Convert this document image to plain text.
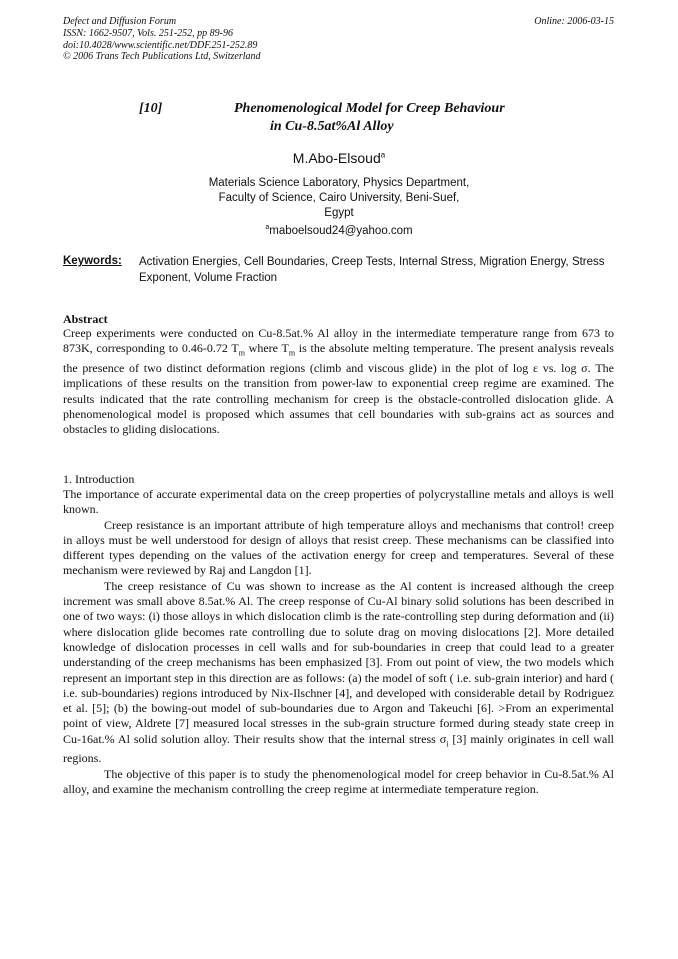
Defect and Diffusion Forum
ISSN: 1662-9507, Vols. 251-252, pp 89-96
doi:10.4028/www.scientific.net/DDF.251-252.89
© 2006 Trans Tech Publications Ltd, Switzerland
Online: 2006-03-15
[10]	Phenomenological Model for Creep Behaviour
in Cu-8.5at%Al Alloy
M.Abo-Elsoud$^a$
Materials Science Laboratory, Physics Department,
Faculty of Science, Cairo University, Beni-Suef,
Egypt
$^a$maboelsoud24@yahoo.com
Keywords: Activation Energies, Cell Boundaries, Creep Tests, Internal Stress, Migration Energy, Stress Exponent, Volume Fraction
Abstract
Creep experiments were conducted on Cu-8.5at.% Al alloy in the intermediate temperature range from 673 to 873K, corresponding to 0.46-0.72 $T_m$ where $T_m$ is the absolute melting temperature. The present analysis reveals the presence of two distinct deformation regions (climb and viscous glide) in the plot of log ε vs. log σ. The implications of these results on the transition from power-law to exponential creep regime are examined. The results indicated that the rate controlling mechanism for creep is the obstacle-controlled dislocation glide. A phenomenological model is proposed which assumes that cell boundaries with sub-grains act as sources and obstacles to gliding dislocations.
1. Introduction

The importance of accurate experimental data on the creep properties of polycrystalline metals and alloys is well known.

Creep resistance is an important attribute of high temperature alloys and mechanisms that control! creep in alloys must be well understood for design of alloys that resist creep. These mechanisms can be classified into different types depending on the values of the activation energy for creep and temperatures. Several of these mechanism were reviewed by Raj and Langdon [1].

The creep resistance of Cu was shown to increase as the Al content is increased although the creep increment was small above 8.5at.% Al. The creep response of Cu-Al binary solid solutions has been described in one of two ways: (i) those alloys in which dislocation climb is the rate-controlling step during deformation and (ii) where dislocation glide becomes rate controlling due to solute drag on moving dislocations [2]. More detailed knowledge of dislocation processes in cell walls and for sub-boundaries in creep that could lead to a greater understanding of the creep mechanisms has been emphasized [3]. From out point of view, the two models which represent an important step in this direction are as follows: (a) the model of soft ( i.e. sub-grain interior) and hard ( i.e. sub-boundaries) regions introduced by Nix-Ilschner [4], and developed with considerable detail by Rodriguez et al. [5]; (b) the bowing-out model of sub-boundaries due to Argon and Takeuchi [6]. >From an experimental point of view, Aldrete [7] measured local stresses in the sub-grain structure formed during steady state creep in Cu-16at.% Al solid solution alloy. Their results show that the internal stress $\sigma_i$ [3] mainly originates in cell wall regions.

The objective of this paper is to study the phenomenological model for creep behavior in Cu-8.5at.% Al alloy, and examine the mechanism controlling the creep regime at intermediate temperature region.
